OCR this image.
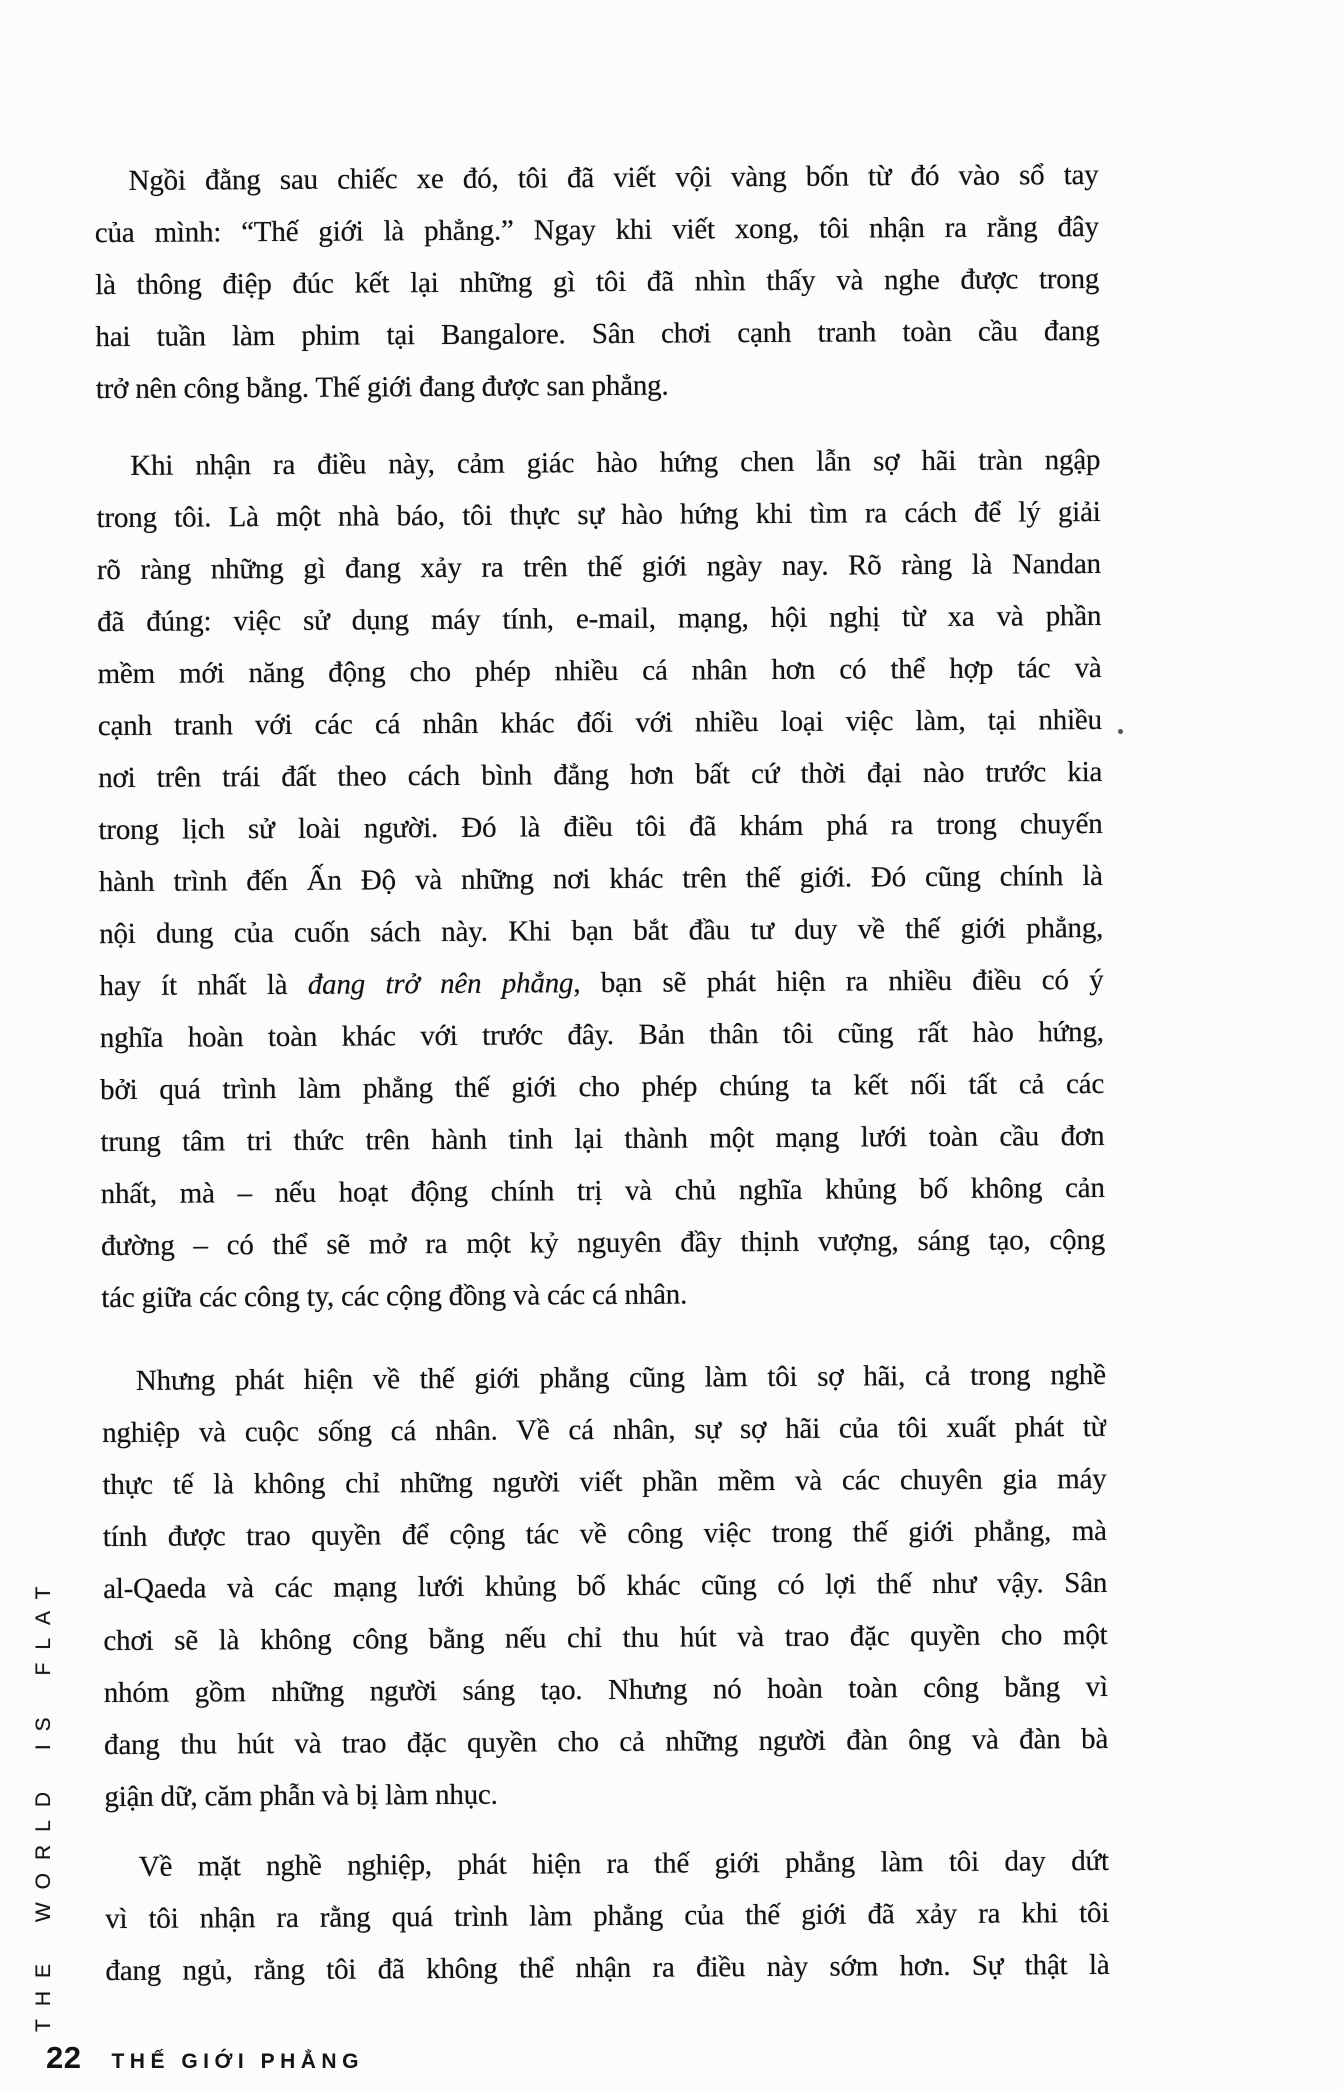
Ngồi đằng sau chiếc xe đó, tôi đã viết vội vàng bốn từ đó vào sổ tay
của mình: “Thế giới là phẳng.” Ngay khi viết xong, tôi nhận ra rằng đây
là thông điệp đúc kết lại những gì tôi đã nhìn thấy và nghe được trong
hai tuần làm phim tại Bangalore. Sân chơi cạnh tranh toàn cầu đang
trở nên công bằng. Thế giới đang được san phẳng.
Khi nhận ra điều này, cảm giác hào hứng chen lẫn sợ hãi tràn ngập
trong tôi. Là một nhà báo, tôi thực sự hào hứng khi tìm ra cách để lý giải
rõ ràng những gì đang xảy ra trên thế giới ngày nay. Rõ ràng là Nandan
đã đúng: việc sử dụng máy tính, e-mail, mạng, hội nghị từ xa và phần
mềm mới năng động cho phép nhiều cá nhân hơn có thể hợp tác và
cạnh tranh với các cá nhân khác đối với nhiều loại việc làm, tại nhiều
nơi trên trái đất theo cách bình đẳng hơn bất cứ thời đại nào trước kia
trong lịch sử loài người. Đó là điều tôi đã khám phá ra trong chuyến
hành trình đến Ấn Độ và những nơi khác trên thế giới. Đó cũng chính là
nội dung của cuốn sách này. Khi bạn bắt đầu tư duy về thế giới phẳng,
hay ít nhất là đang trở nên phẳng, bạn sẽ phát hiện ra nhiều điều có ý
nghĩa hoàn toàn khác với trước đây. Bản thân tôi cũng rất hào hứng,
bởi quá trình làm phẳng thế giới cho phép chúng ta kết nối tất cả các
trung tâm tri thức trên hành tinh lại thành một mạng lưới toàn cầu đơn
nhất, mà – nếu hoạt động chính trị và chủ nghĩa khủng bố không cản
đường – có thể sẽ mở ra một kỷ nguyên đầy thịnh vượng, sáng tạo, cộng
tác giữa các công ty, các cộng đồng và các cá nhân.
Nhưng phát hiện về thế giới phẳng cũng làm tôi sợ hãi, cả trong nghề
nghiệp và cuộc sống cá nhân. Về cá nhân, sự sợ hãi của tôi xuất phát từ
thực tế là không chỉ những người viết phần mềm và các chuyên gia máy
tính được trao quyền để cộng tác về công việc trong thế giới phẳng, mà
al-Qaeda và các mạng lưới khủng bố khác cũng có lợi thế như vậy. Sân
chơi sẽ là không công bằng nếu chỉ thu hút và trao đặc quyền cho một
nhóm gồm những người sáng tạo. Nhưng nó hoàn toàn công bằng vì
đang thu hút và trao đặc quyền cho cả những người đàn ông và đàn bà
giận dữ, căm phẫn và bị làm nhục.
Về mặt nghề nghiệp, phát hiện ra thế giới phẳng làm tôi day dứt
vì tôi nhận ra rằng quá trình làm phẳng của thế giới đã xảy ra khi tôi
đang ngủ, rằng tôi đã không thể nhận ra điều này sớm hơn. Sự thật là
THE WORLD IS FLAT
22 THẾ GIỚI PHẲNG
